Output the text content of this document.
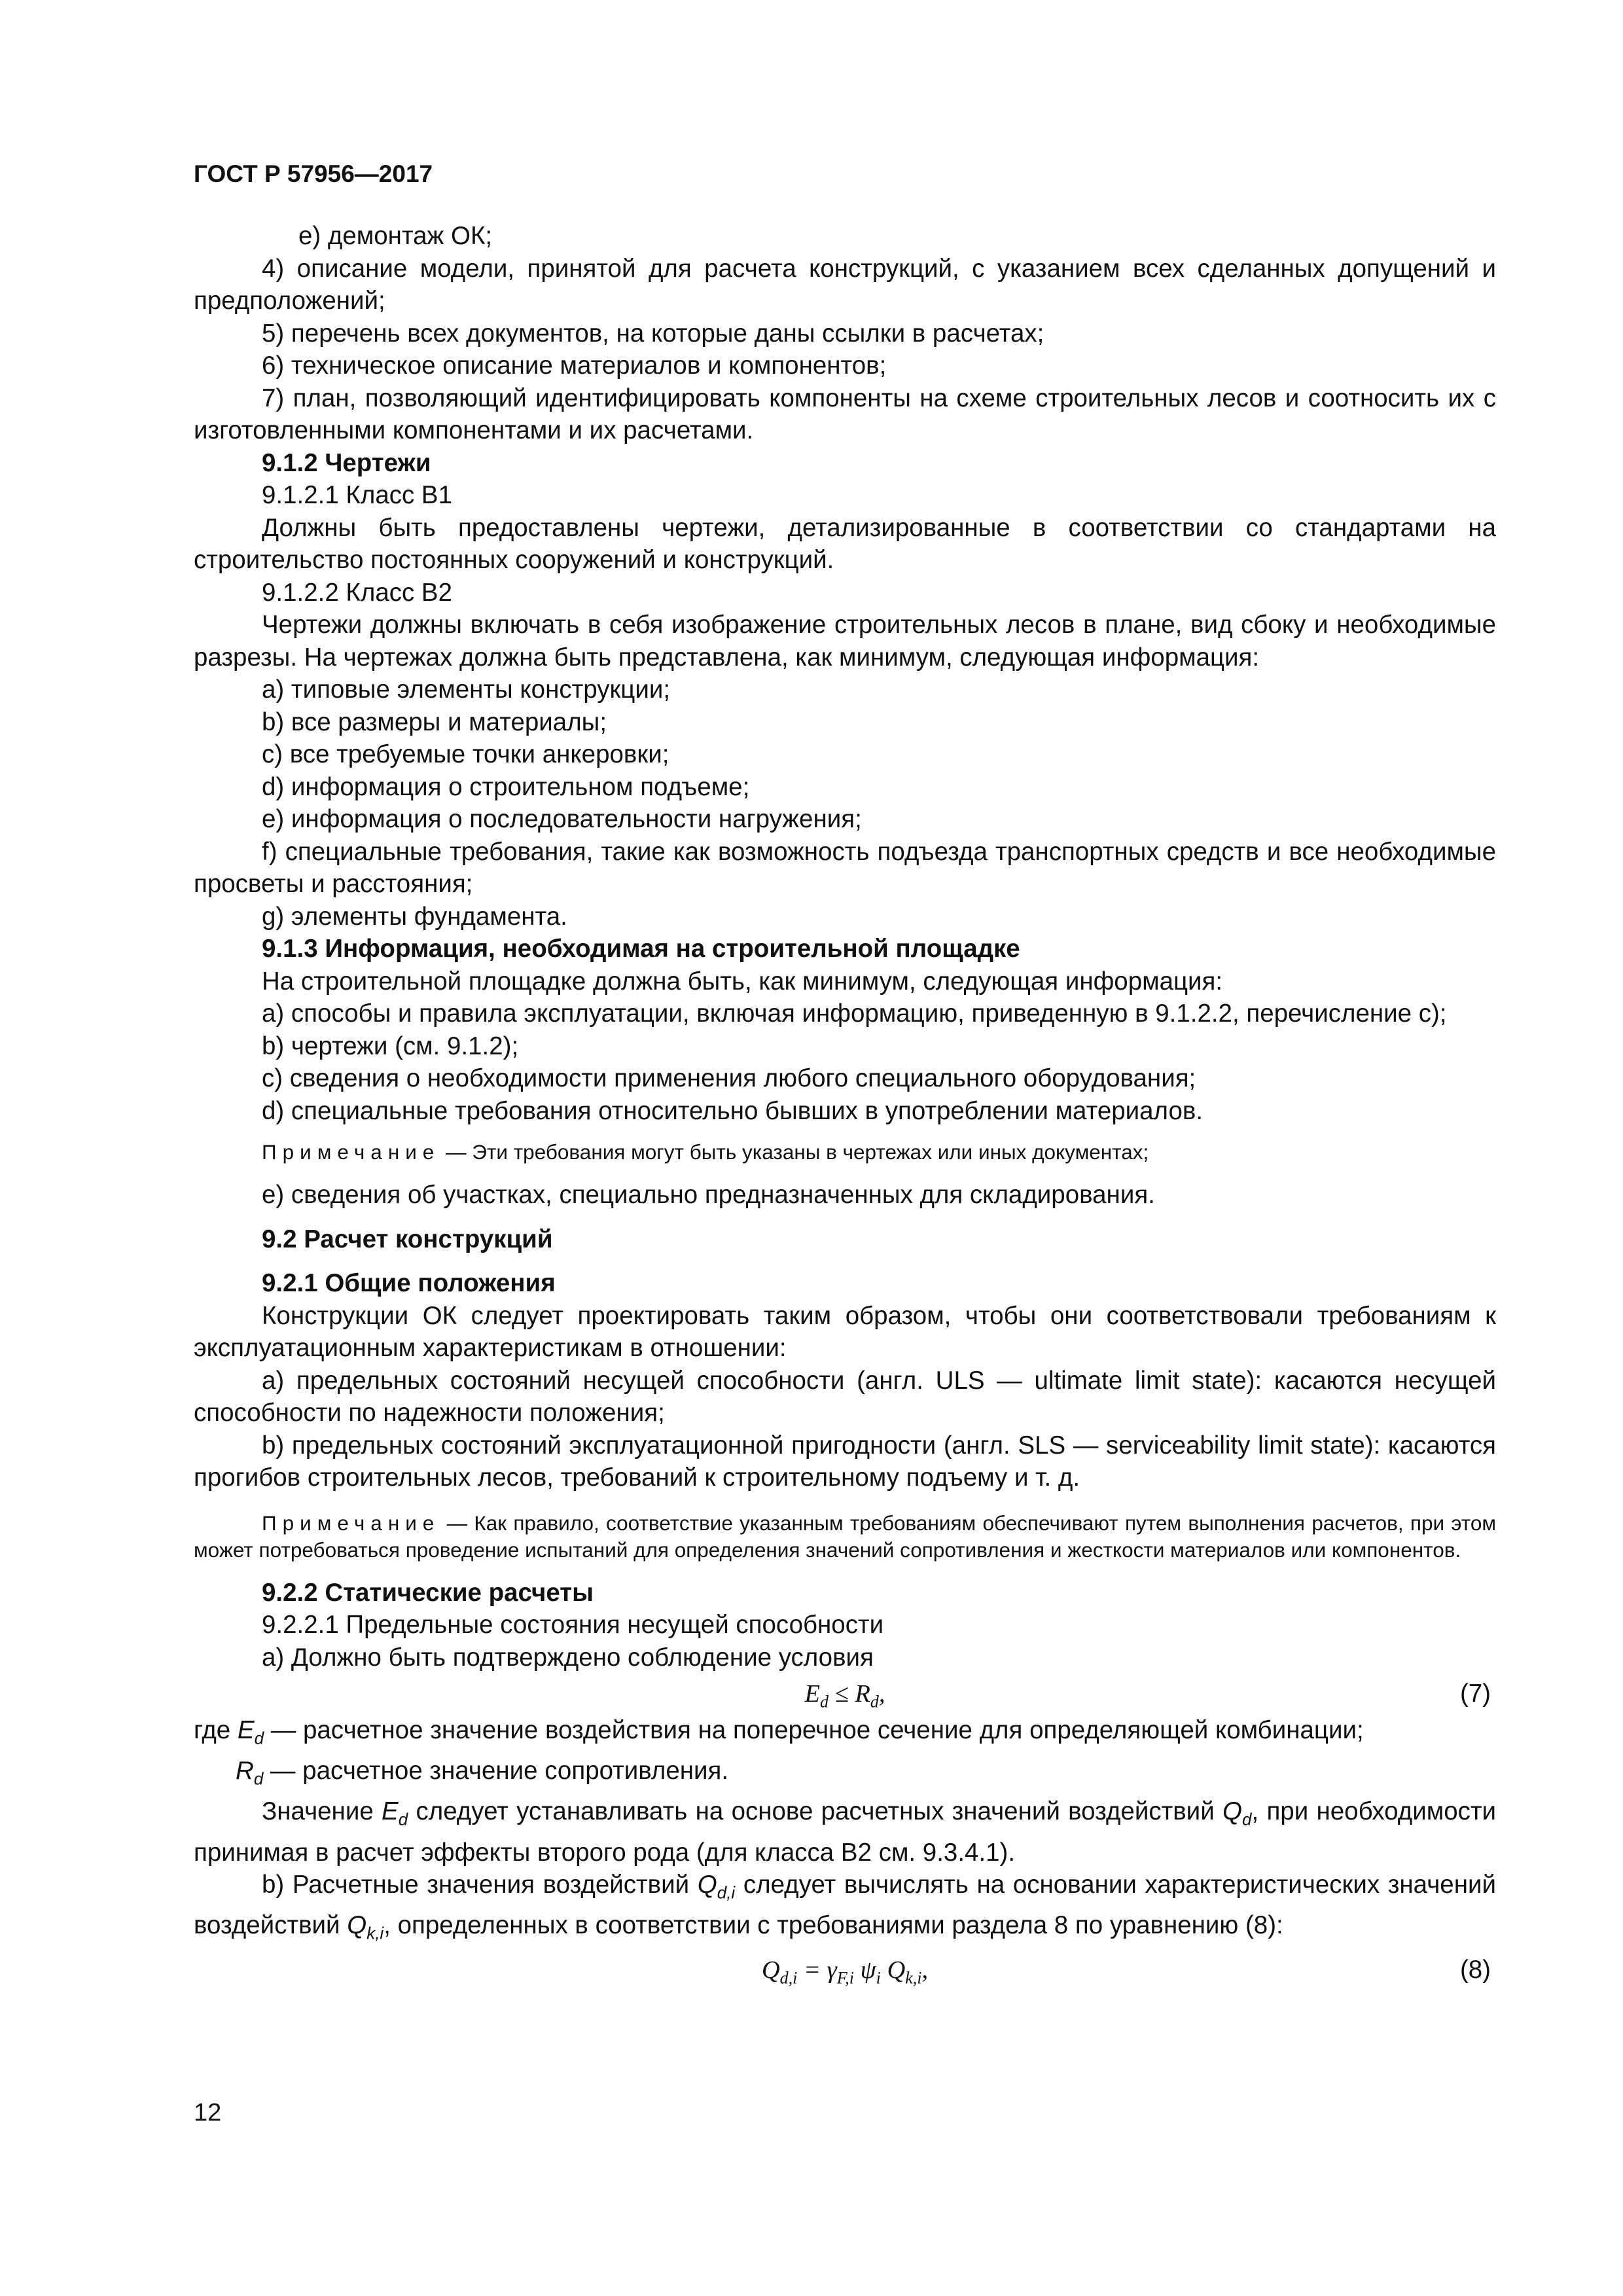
ГОСТ Р 57956—2017

е) демонтаж ОК;

4) описание модели, принятой для расчета конструкций, с указанием всех сделанных допущений и предположений;

5) перечень всех документов, на которые даны ссылки в расчетах;

6) техническое описание материалов и компонентов;

7) план, позволяющий идентифицировать компоненты на схеме строительных лесов и соотносить их с изготовленными компонентами и их расчетами.

9.1.2 Чертежи

9.1.2.1 Класс В1

Должны быть предоставлены чертежи, детализированные в соответствии со стандартами на строительство постоянных сооружений и конструкций.

9.1.2.2 Класс В2

Чертежи должны включать в себя изображение строительных лесов в плане, вид сбоку и необходимые разрезы. На чертежах должна быть представлена, как минимум, следующая информация:

a) типовые элементы конструкции;

b) все размеры и материалы;

c) все требуемые точки анкеровки;

d) информация о строительном подъеме;

e) информация о последовательности нагружения;

f) специальные требования, такие как возможность подъезда транспортных средств и все необходимые просветы и расстояния;

g) элементы фундамента.

9.1.3 Информация, необходимая на строительной площадке

На строительной площадке должна быть, как минимум, следующая информация:

a) способы и правила эксплуатации, включая информацию, приведенную в 9.1.2.2, перечисление с);

b) чертежи (см. 9.1.2);

c) сведения о необходимости применения любого специального оборудования;

d) специальные требования относительно бывших в употреблении материалов.

Примечание — Эти требования могут быть указаны в чертежах или иных документах;

e) сведения об участках, специально предназначенных для складирования.

9.2 Расчет конструкций

9.2.1 Общие положения

Конструкции ОК следует проектировать таким образом, чтобы они соответствовали требованиям к эксплуатационным характеристикам в отношении:

a) предельных состояний несущей способности (англ. ULS — ultimate limit state): касаются несущей способности по надежности положения;

b) предельных состояний эксплуатационной пригодности (англ. SLS — serviceability limit state): касаются прогибов строительных лесов, требований к строительному подъему и т. д.

Примечание — Как правило, соответствие указанным требованиям обеспечивают путем выполнения расчетов, при этом может потребоваться проведение испытаний для определения значений сопротивления и жесткости материалов или компонентов.

9.2.2 Статические расчеты

9.2.2.1 Предельные состояния несущей способности

а) Должно быть подтверждено соблюдение условия

$E_d \le R_d$,	(7)

где $E_d$ — расчетное значение воздействия на поперечное сечение для определяющей комбинации;

$R_d$ — расчетное значение сопротивления.

Значение $E_d$ следует устанавливать на основе расчетных значений воздействий $Q_d$, при необходимости принимая в расчет эффекты второго рода (для класса В2 см. 9.3.4.1).

b) Расчетные значения воздействий $Q_{d,i}$ следует вычислять на основании характеристических значений воздействий $Q_{k,i}$, определенных в соответствии с требованиями раздела 8 по уравнению (8):

$Q_{d,i} = \gamma_{F,i}$ $\psi_i$ $Q_{k,i}$,	(8)
12
